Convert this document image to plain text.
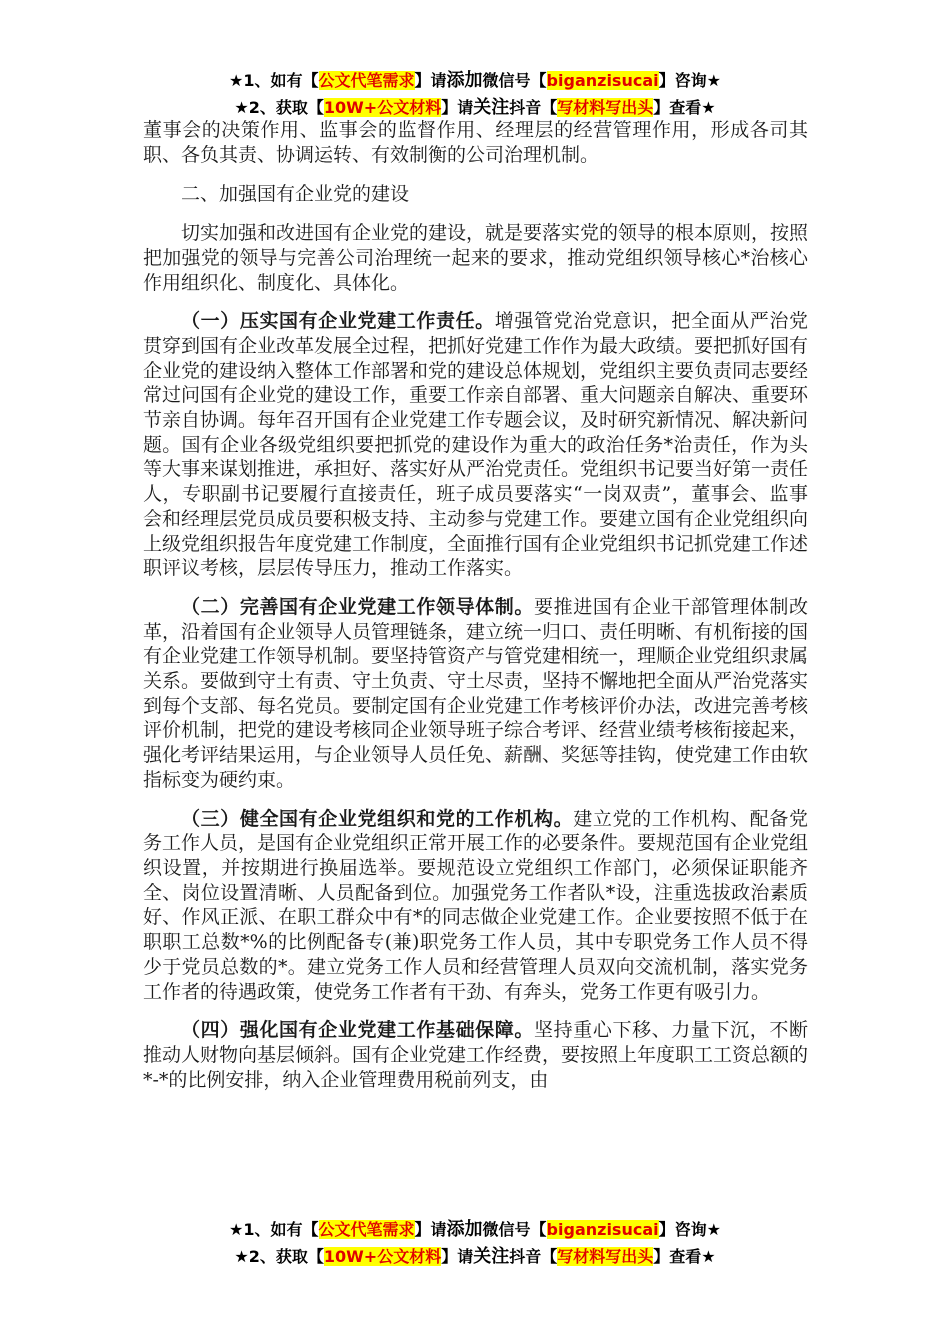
★1、如有【公文代笔需求】请添加微信号【biganzisucai】咨询★
★2、获取【10W+公文材料】请关注抖音【写材料写出头】查看★

董事会的决策作用、监事会的监督作用、经理层的经营管理作用，形成各司其职、各负其责、协调运转、有效制衡的公司治理机制。

二、加强国有企业党的建设

切实加强和改进国有企业党的建设，就是要落实党的领导的根本原则，按照把加强党的领导与完善公司治理统一起来的要求，推动党组织领导核心*治核心作用组织化、制度化、具体化。

（一）压实国有企业党建工作责任。增强管党治党意识，把全面从严治党贯穿到国有企业改革发展全过程，把抓好党建工作作为最大政绩。要把抓好国有企业党的建设纳入整体工作部署和党的建设总体规划，党组织主要负责同志要经常过问国有企业党的建设工作，重要工作亲自部署、重大问题亲自解决、重要环节亲自协调。每年召开国有企业党建工作专题会议，及时研究新情况、解决新问题。国有企业各级党组织要把抓党的建设作为重大的政治任务*治责任，作为头等大事来谋划推进，承担好、落实好从严治党责任。党组织书记要当好第一责任人，专职副书记要履行直接责任，班子成员要落实“一岗双责”，董事会、监事会和经理层党员成员要积极支持、主动参与党建工作。要建立国有企业党组织向上级党组织报告年度党建工作制度，全面推行国有企业党组织书记抓党建工作述职评议考核，层层传导压力，推动工作落实。

（二）完善国有企业党建工作领导体制。要推进国有企业干部管理体制改革，沿着国有企业领导人员管理链条，建立统一归口、责任明晰、有机衔接的国有企业党建工作领导机制。要坚持管资产与管党建相统一，理顺企业党组织隶属关系。要做到守土有责、守土负责、守土尽责，坚持不懈地把全面从严治党落实到每个支部、每名党员。要制定国有企业党建工作考核评价办法，改进完善考核评价机制，把党的建设考核同企业领导班子综合考评、经营业绩考核衔接起来，强化考评结果运用，与企业领导人员任免、薪酬、奖惩等挂钩，使党建工作由软指标变为硬约束。

（三）健全国有企业党组织和党的工作机构。建立党的工作机构、配备党务工作人员，是国有企业党组织正常开展工作的必要条件。要规范国有企业党组织设置，并按期进行换届选举。要规范设立党组织工作部门，必须保证职能齐全、岗位设置清晰、人员配备到位。加强党务工作者队*设，注重选拔政治素质好、作风正派、在职工群众中有*的同志做企业党建工作。企业要按照不低于在职职工总数*%的比例配备专(兼)职党务工作人员，其中专职党务工作人员不得少于党员总数的*。建立党务工作人员和经营管理人员双向交流机制，落实党务工作者的待遇政策，使党务工作者有干劲、有奔头，党务工作更有吸引力。

（四）强化国有企业党建工作基础保障。坚持重心下移、力量下沉，不断推动人财物向基层倾斜。国有企业党建工作经费，要按照上年度职工工资总额的*-*的比例安排，纳入企业管理费用税前列支，由

★1、如有【公文代笔需求】请添加微信号【biganzisucai】咨询★
★2、获取【10W+公文材料】请关注抖音【写材料写出头】查看★
